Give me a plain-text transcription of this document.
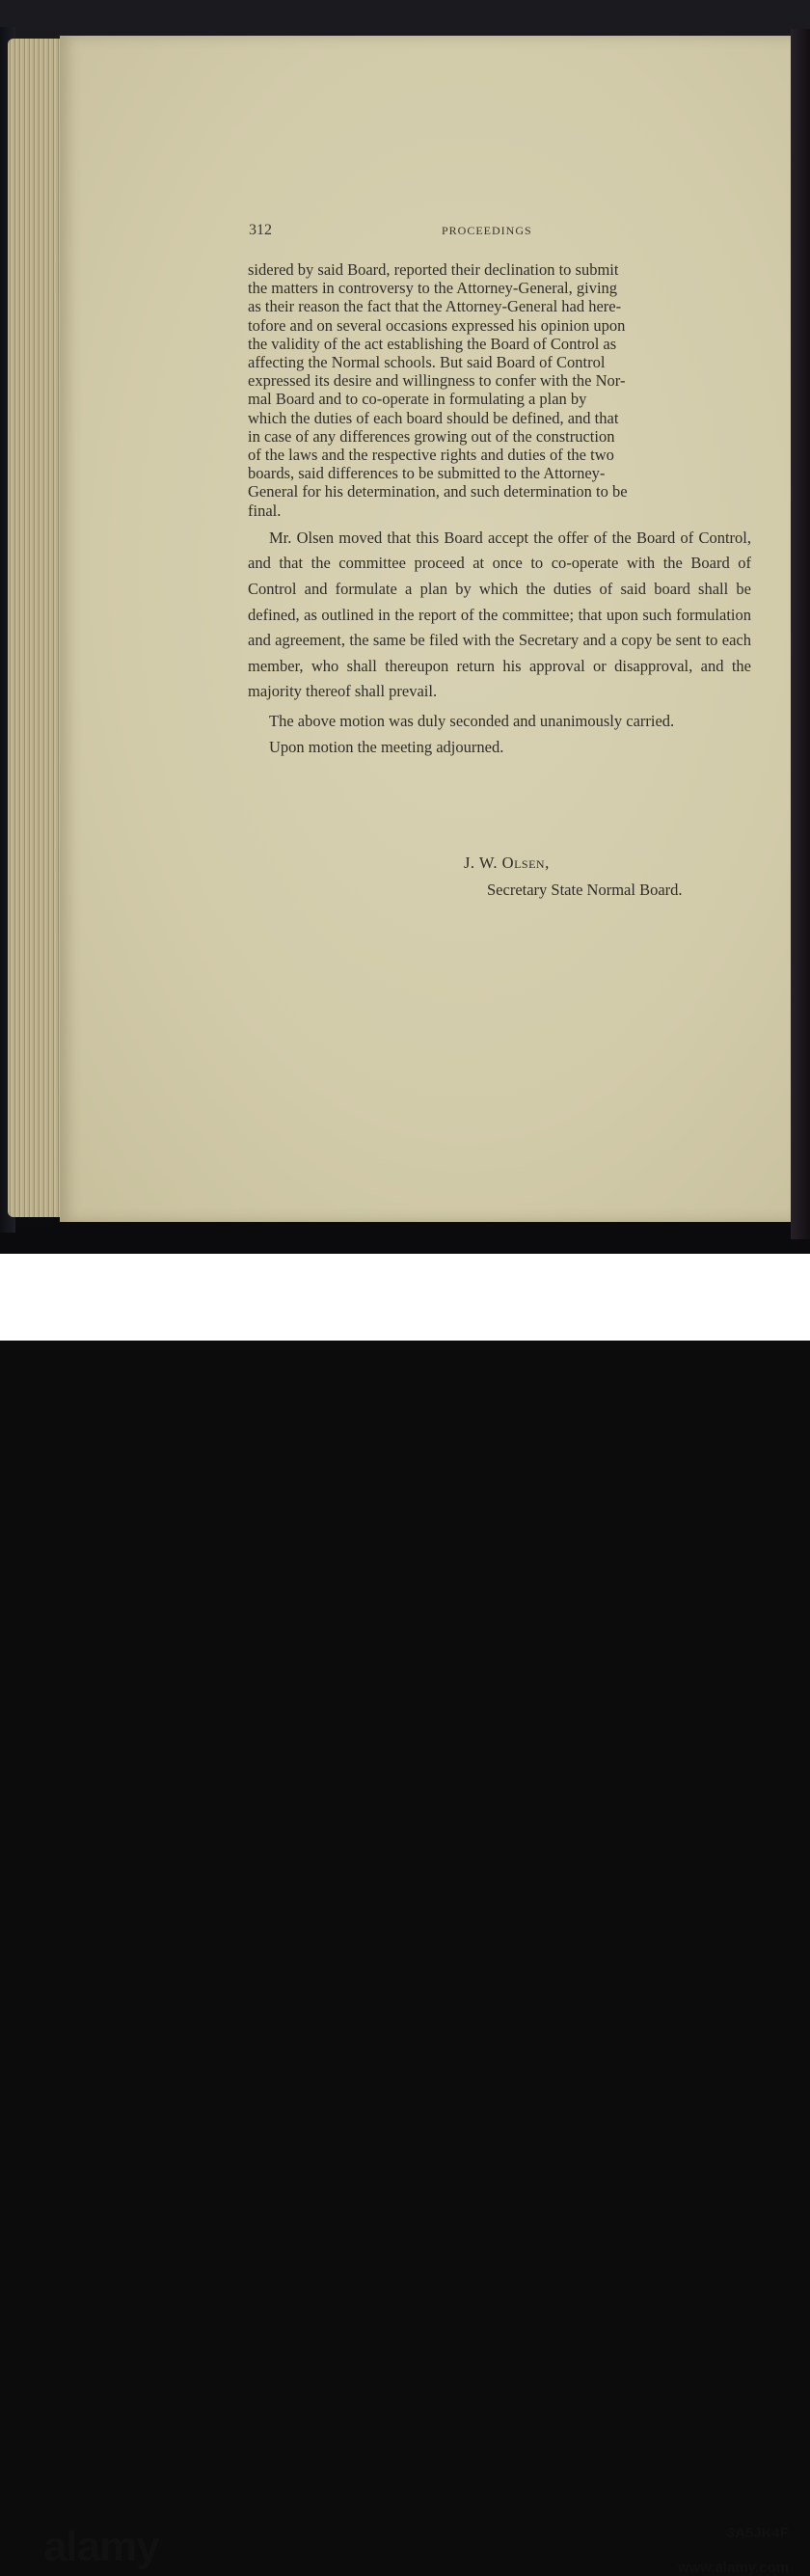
312	PROCEEDINGS

sidered by said Board, reported their declination to submit

the matters in controversy to the Attorney-General, giving

as their reason the fact that the Attorney-General had here-

tofore and on several occasions expressed his opinion upon

the validity of the act establishing the Board of Control as

affecting the Normal schools. But said Board of Control

expressed its desire and willingness to confer with the Nor-

mal Board and to co-operate in formulating a plan by

which the duties of each board should be defined, and that

in case of any differences growing out of the construction

of the laws and the respective rights and duties of the two

boards, said differences to be submitted to the Attorney-

General for his determination, and such determination to be

final.

Mr. Olsen moved that this Board accept the offer of the Board of Control, and that the committee proceed at once to co-operate with the Board of Control and formulate a plan by which the duties of said board shall be defined, as outlined in the report of the committee; that upon such formulation and agreement, the same be filed with the Secretary and a copy be sent to each member, who shall thereupon return his approval or disapproval, and the majority thereof shall prevail.

The above motion was duly seconded and unanimously carried.

Upon motion the meeting adjourned.

J. W. Olsen,
Secretary State Normal Board.
alamy	3A5JK4F
www.alamy.com
